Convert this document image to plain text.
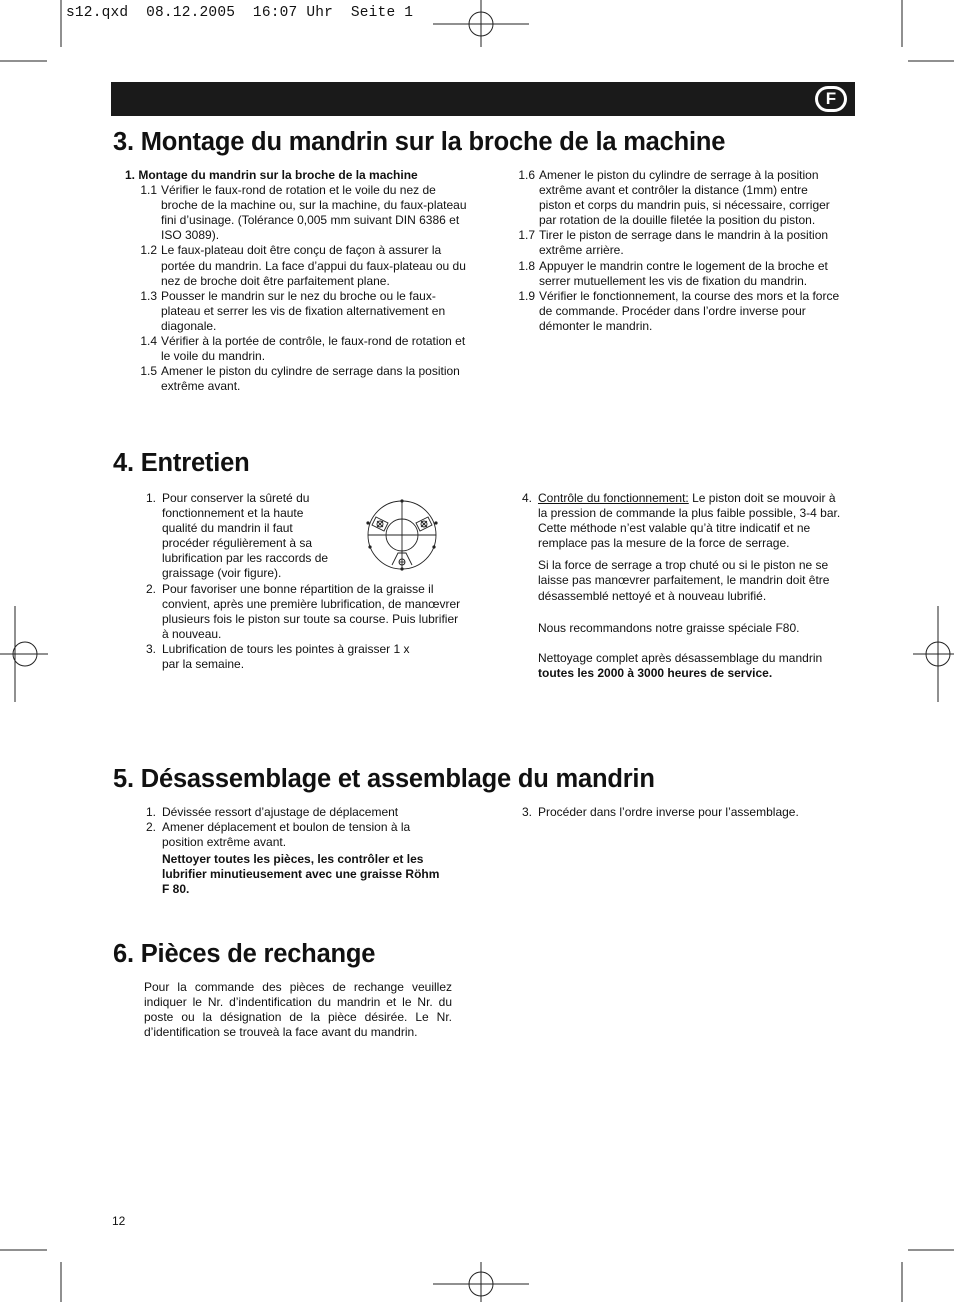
s12.qxd  08.12.2005  16:07 Uhr  Seite 1
F
3. Montage du mandrin sur la broche de la machine

1. Montage du mandrin sur la broche de la machine

1.1 Vérifier le faux-rond de rotation et le voile du nez de broche de la machine ou, sur la machine, du faux-plateau fini d’usinage. (Tolérance 0,005 mm suivant DIN 6386 et ISO 3089).
1.2 Le faux-plateau doit être conçu de façon à assurer la portée du mandrin. La face d’appui du faux-plateau ou du nez de broche doit être parfaitement plane.
1.3 Pousser le mandrin sur le nez du broche ou le faux-plateau et serrer les vis de fixation alternativement en diagonale.
1.4 Vérifier à la portée de contrôle, le faux-rond de rotation et le voile du mandrin.
1.5 Amener le piston du cylindre de serrage dans la position extrême avant.
1.6 Amener le piston du cylindre de serrage à la position extrême avant et contrôler la distance (1mm) entre piston et corps du mandrin puis, si nécessaire, corriger par rotation de la douille filetée la position du piston.
1.7 Tirer le piston de serrage dans le mandrin à la position extrême arrière.
1.8 Appuyer le mandrin contre le logement de la broche et serrer mutuellement les vis de fixation du mandrin.
1.9 Vérifier le fonctionnement, la course des mors et la force de commande. Procéder dans l’ordre inverse pour démonter le mandrin.
4. Entretien
1. Pour conserver la sûreté du fonctionnement et la haute qualité du mandrin il faut procéder régulièrement à sa lubrification par les raccords de graissage (voir figure).
2. Pour favoriser une bonne répartition de la graisse il convient, après une première lubrification, de manœvrer plusieurs fois le piston sur toute sa course. Puis lubrifier à nouveau.
3. Lubrification de tours les pointes à graisser 1 x par la semaine.
4. Contrôle du fonctionnement: Le piston doit se mouvoir à la pression de commande la plus faible possible, 3-4 bar. Cette méthode n’est valable qu’à titre indicatif et ne remplace pas la mesure de la force de serrage.

Si la force de serrage a trop chuté ou si le piston ne se laisse pas manœvrer parfaitement, le mandrin doit être désassemblé nettoyé et à nouveau lubrifié.

Nous recommandons notre graisse spéciale F80.

Nettoyage complet après désassemblage du mandrin

toutes les 2000 à 3000 heures de service.

5. Désassemblage et assemblage du mandrin
1. Dévissée ressort d’ajustage de déplacement
2. Amener déplacement et boulon de tension à la position extrême avant.

Nettoyer toutes les pièces, les contrôler et les lubrifier minutieusement avec une graisse Röhm F 80.

3. Procéder dans l’ordre inverse pour l’assemblage.
6. Pièces de rechange

Pour la commande des pièces de rechange veuillez indiquer le Nr. d’indentification du mandrin et le Nr. du poste ou la désignation de la pièce désirée. Le Nr. d’identification se trouveà la face avant du mandrin.

12
